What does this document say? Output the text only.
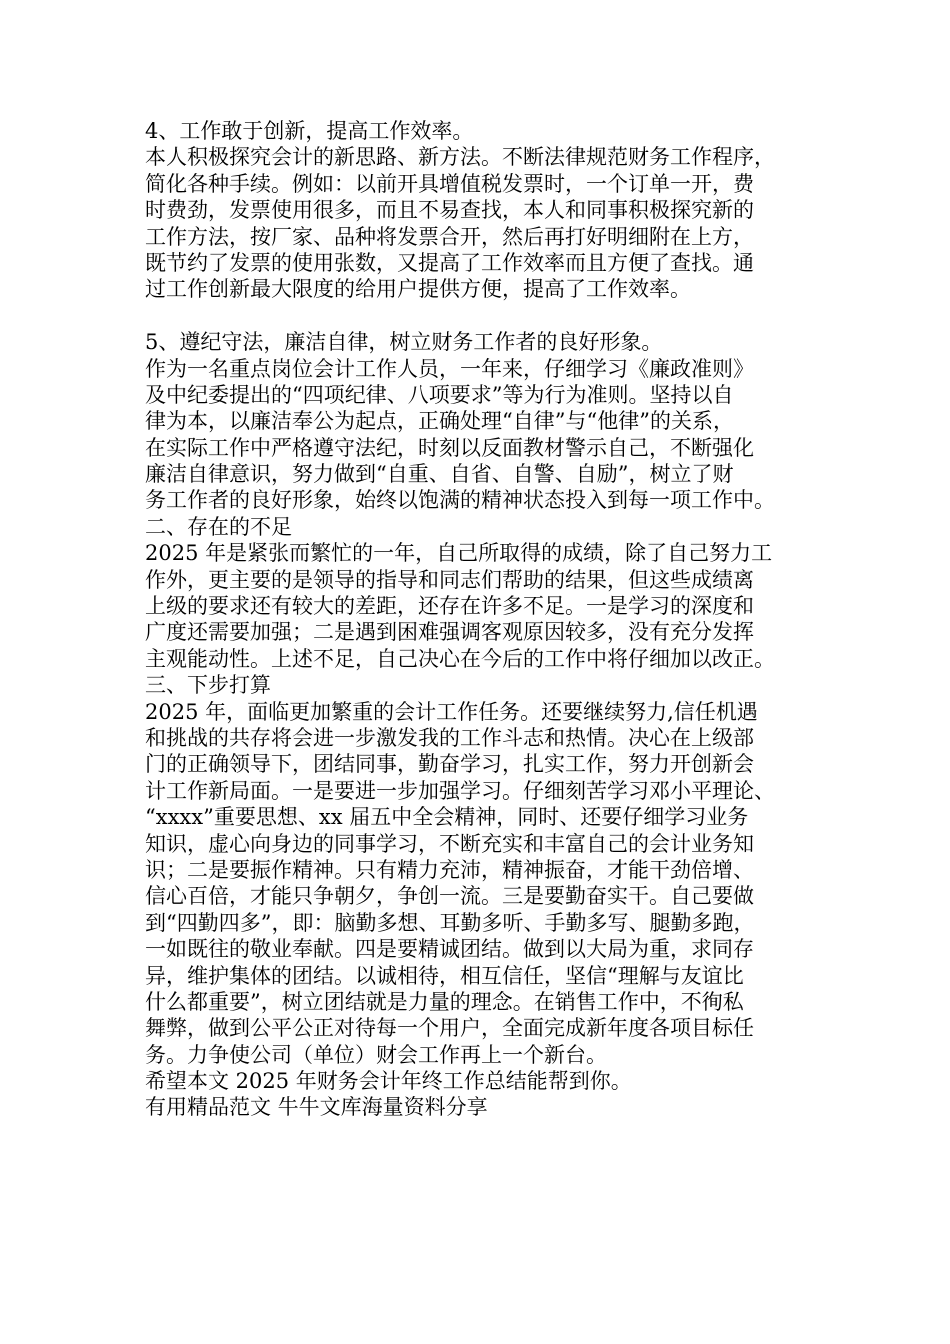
4、工作敢于创新，提高工作效率。
本人积极探究会计的新思路、新方法。不断法律规范财务工作程序，
简化各种手续。例如：以前开具增值税发票时，一个订单一开，费
时费劲，发票使用很多，而且不易查找，本人和同事积极探究新的
工作方法，按厂家、品种将发票合开，然后再打好明细附在上方，
既节约了发票的使用张数，又提高了工作效率而且方便了查找。通
过工作创新最大限度的给用户提供方便，提高了工作效率。
5、遵纪守法，廉洁自律，树立财务工作者的良好形象。
作为一名重点岗位会计工作人员，一年来，仔细学习《廉政准则》
及中纪委提出的“四项纪律、八项要求”等为行为准则。坚持以自
律为本，以廉洁奉公为起点，正确处理“自律”与“他律”的关系，
在实际工作中严格遵守法纪，时刻以反面教材警示自己，不断强化
廉洁自律意识，努力做到“自重、自省、自警、自励”，树立了财
务工作者的良好形象，始终以饱满的精神状态投入到每一项工作中。
二、存在的不足
2025 年是紧张而繁忙的一年，自己所取得的成绩，除了自己努力工
作外，更主要的是领导的指导和同志们帮助的结果，但这些成绩离
上级的要求还有较大的差距，还存在许多不足。一是学习的深度和
广度还需要加强；二是遇到困难强调客观原因较多，没有充分发挥
主观能动性。上述不足，自己决心在今后的工作中将仔细加以改正。
三、下步打算
2025 年，面临更加繁重的会计工作任务。还要继续努力,信任机遇
和挑战的共存将会进一步激发我的工作斗志和热情。决心在上级部
门的正确领导下，团结同事，勤奋学习，扎实工作，努力开创新会
计工作新局面。一是要进一步加强学习。仔细刻苦学习邓小平理论、
“xxxx”重要思想、xx 届五中全会精神，同时、还要仔细学习业务
知识，虚心向身边的同事学习，不断充实和丰富自己的会计业务知
识；二是要振作精神。只有精力充沛，精神振奋，才能干劲倍增、
信心百倍，才能只争朝夕，争创一流。三是要勤奋实干。自己要做
到“四勤四多”，即：脑勤多想、耳勤多听、手勤多写、腿勤多跑，
一如既往的敬业奉献。四是要精诚团结。做到以大局为重，求同存
异，维护集体的团结。以诚相待，相互信任，坚信“理解与友谊比
什么都重要”，树立团结就是力量的理念。在销售工作中，不徇私
舞弊，做到公平公正对待每一个用户，全面完成新年度各项目标任
务。力争使公司（单位）财会工作再上一个新台。
希望本文 2025 年财务会计年终工作总结能帮到你。
有用精品范文 牛牛文库海量资料分享
